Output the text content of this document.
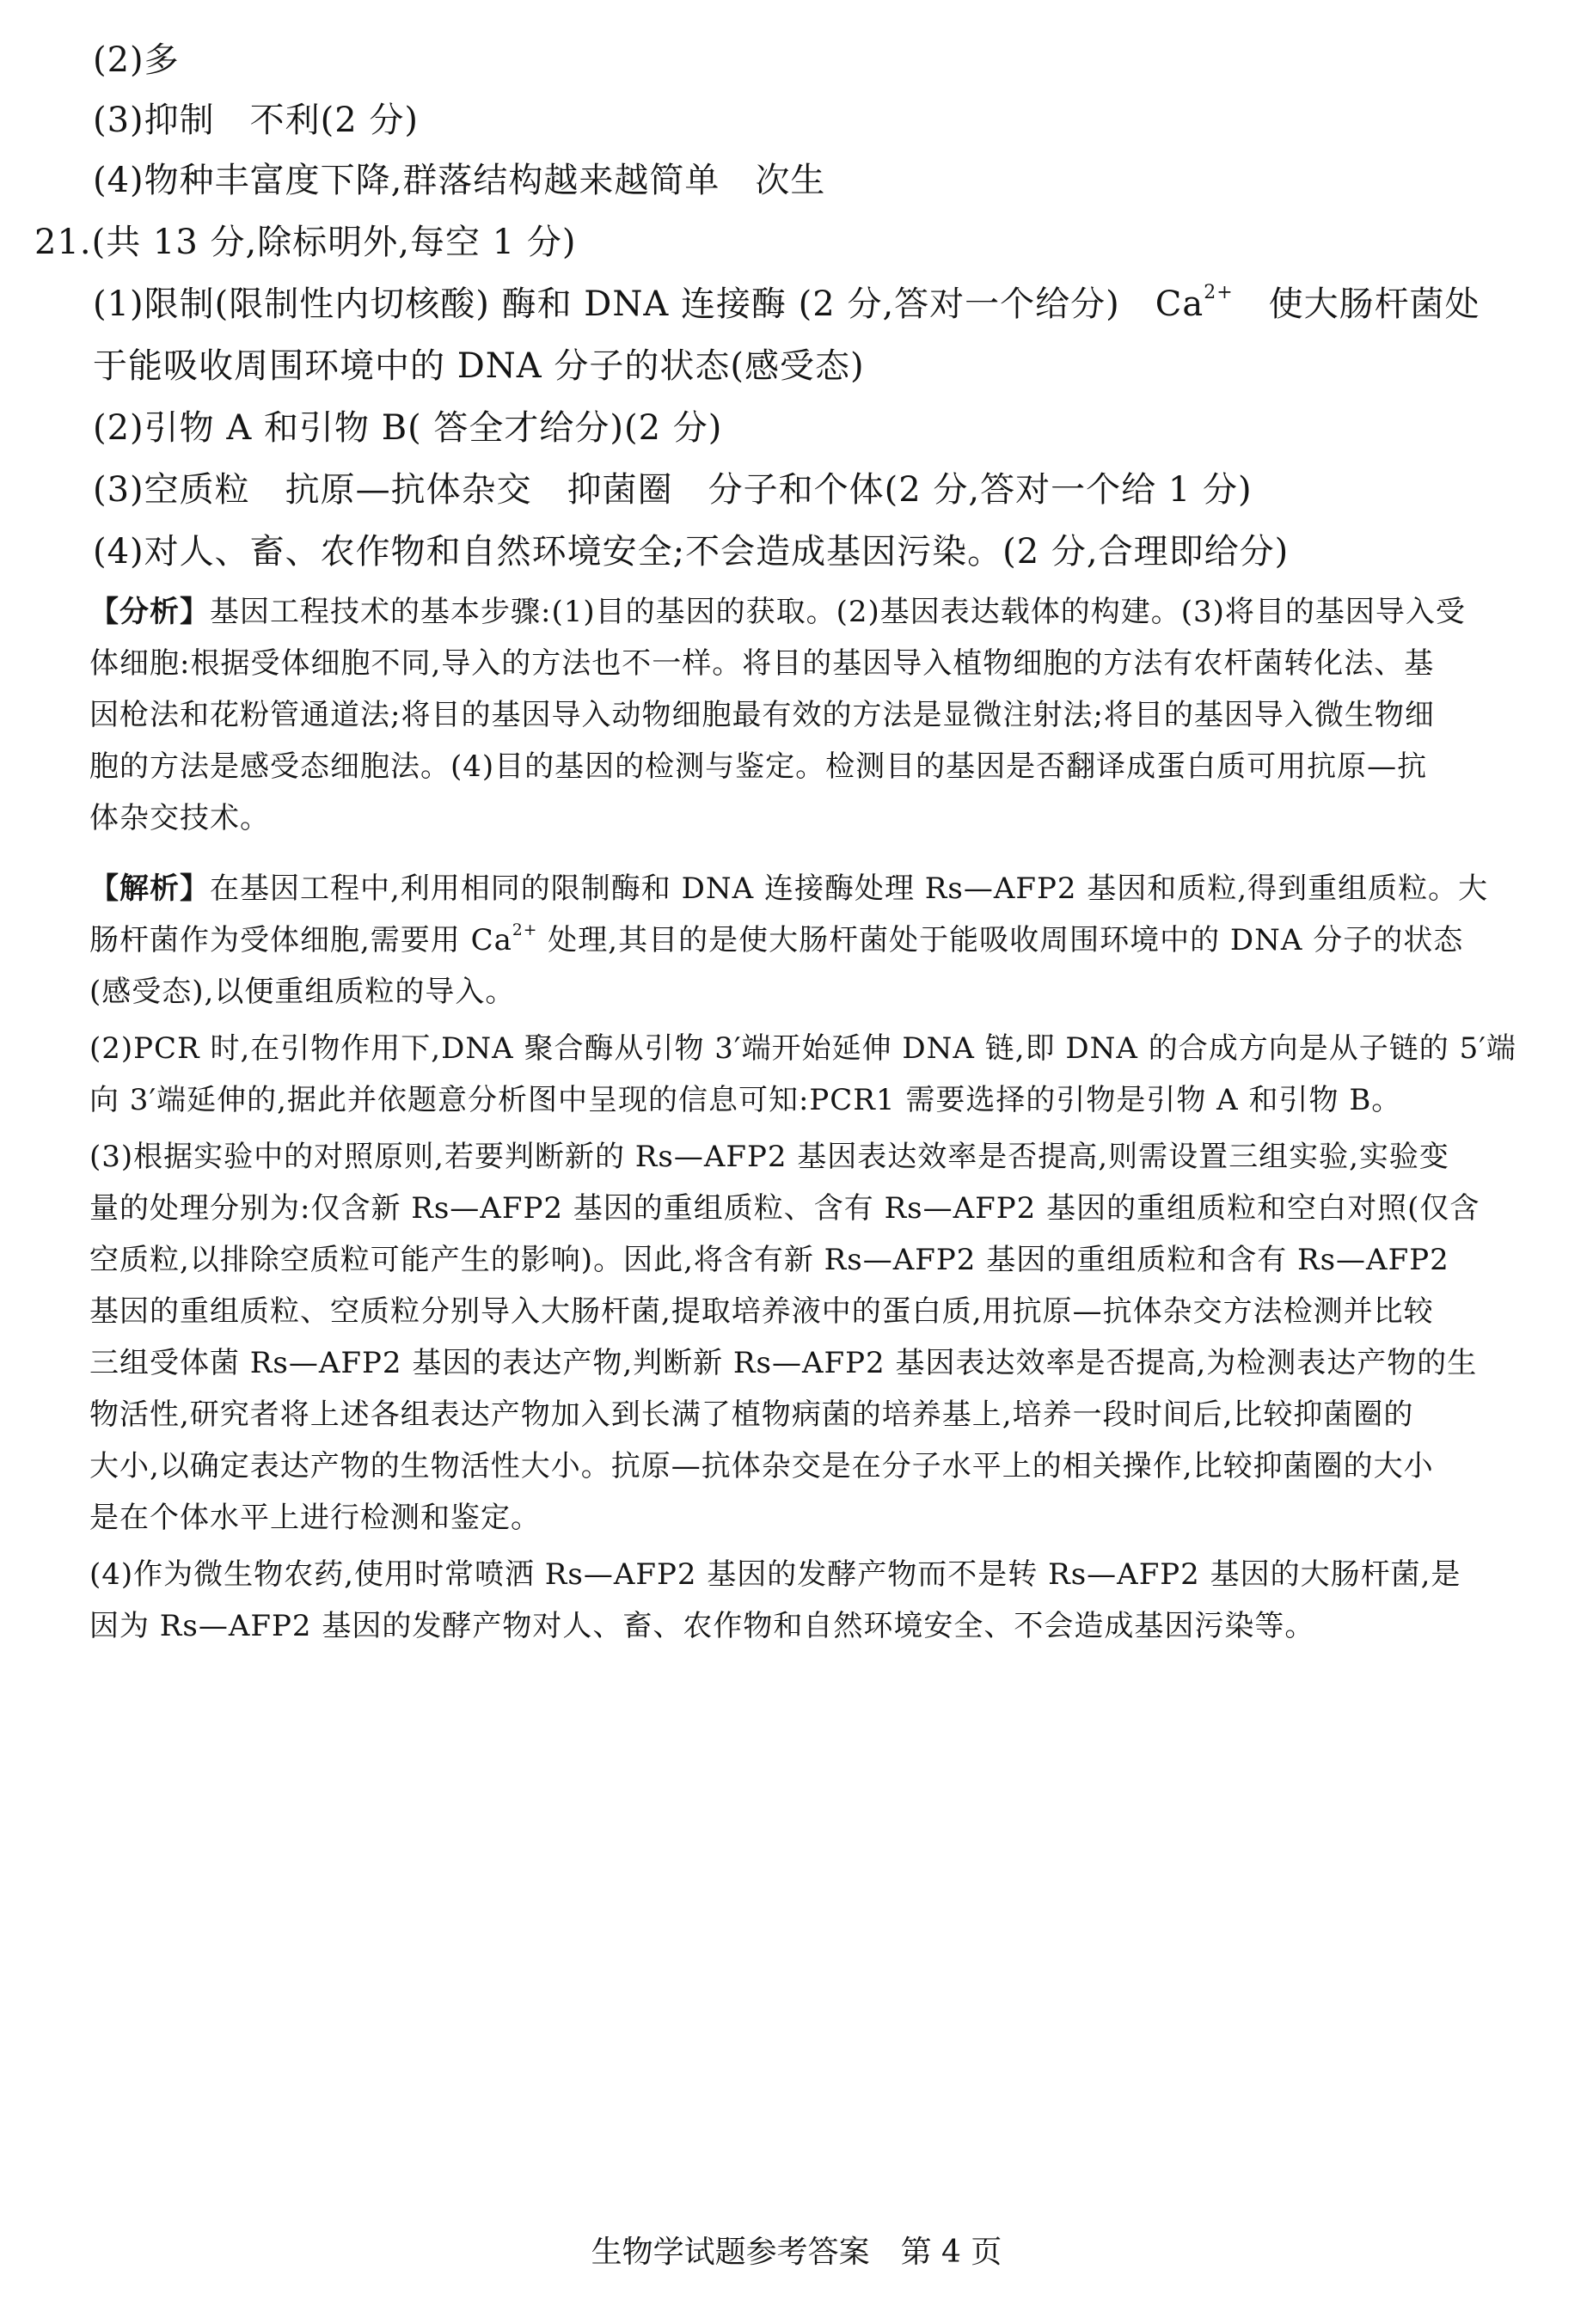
(2)多
(3)抑制　不利(2 分)
(4)物种丰富度下降,群落结构越来越简单　次生
21.(共 13 分,除标明外,每空 1 分)
(1)限制(限制性内切核酸) 酶和 DNA 连接酶 (2 分,答对一个给分)　$Ca^{2+}$　使大肠杆菌处
于能吸收周围环境中的 DNA 分子的状态(感受态)
(2)引物 A 和引物 B( 答全才给分)(2 分)
(3)空质粒　抗原—抗体杂交　抑菌圈　分子和个体(2 分,答对一个给 1 分)
(4)对人、畜、农作物和自然环境安全;不会造成基因污染。(2 分,合理即给分)
【分析】基因工程技术的基本步骤:(1)目的基因的获取。(2)基因表达载体的构建。(3)将目的基因导入受
体细胞:根据受体细胞不同,导入的方法也不一样。将目的基因导入植物细胞的方法有农杆菌转化法、基
因枪法和花粉管通道法;将目的基因导入动物细胞最有效的方法是显微注射法;将目的基因导入微生物细
胞的方法是感受态细胞法。(4)目的基因的检测与鉴定。检测目的基因是否翻译成蛋白质可用抗原—抗
体杂交技术。
【解析】在基因工程中,利用相同的限制酶和 DNA 连接酶处理 Rs—AFP2 基因和质粒,得到重组质粒。大
肠杆菌作为受体细胞,需要用 $Ca^{2+}$ 处理,其目的是使大肠杆菌处于能吸收周围环境中的 DNA 分子的状态
(感受态),以便重组质粒的导入。
(2)PCR 时,在引物作用下,DNA 聚合酶从引物 3′端开始延伸 DNA 链,即 DNA 的合成方向是从子链的 5′端
向 3′端延伸的,据此并依题意分析图中呈现的信息可知:PCR1 需要选择的引物是引物 A 和引物 B。
(3)根据实验中的对照原则,若要判断新的 Rs—AFP2 基因表达效率是否提高,则需设置三组实验,实验变
量的处理分别为:仅含新 Rs—AFP2 基因的重组质粒、含有 Rs—AFP2 基因的重组质粒和空白对照(仅含
空质粒,以排除空质粒可能产生的影响)。因此,将含有新 Rs—AFP2 基因的重组质粒和含有 Rs—AFP2
基因的重组质粒、空质粒分别导入大肠杆菌,提取培养液中的蛋白质,用抗原—抗体杂交方法检测并比较
三组受体菌 Rs—AFP2 基因的表达产物,判断新 Rs—AFP2 基因表达效率是否提高,为检测表达产物的生
物活性,研究者将上述各组表达产物加入到长满了植物病菌的培养基上,培养一段时间后,比较抑菌圈的
大小,以确定表达产物的生物活性大小。抗原—抗体杂交是在分子水平上的相关操作,比较抑菌圈的大小
是在个体水平上进行检测和鉴定。
(4)作为微生物农药,使用时常喷洒 Rs—AFP2 基因的发酵产物而不是转 Rs—AFP2 基因的大肠杆菌,是
因为 Rs—AFP2 基因的发酵产物对人、畜、农作物和自然环境安全、不会造成基因污染等。
生物学试题参考答案　第 4 页
